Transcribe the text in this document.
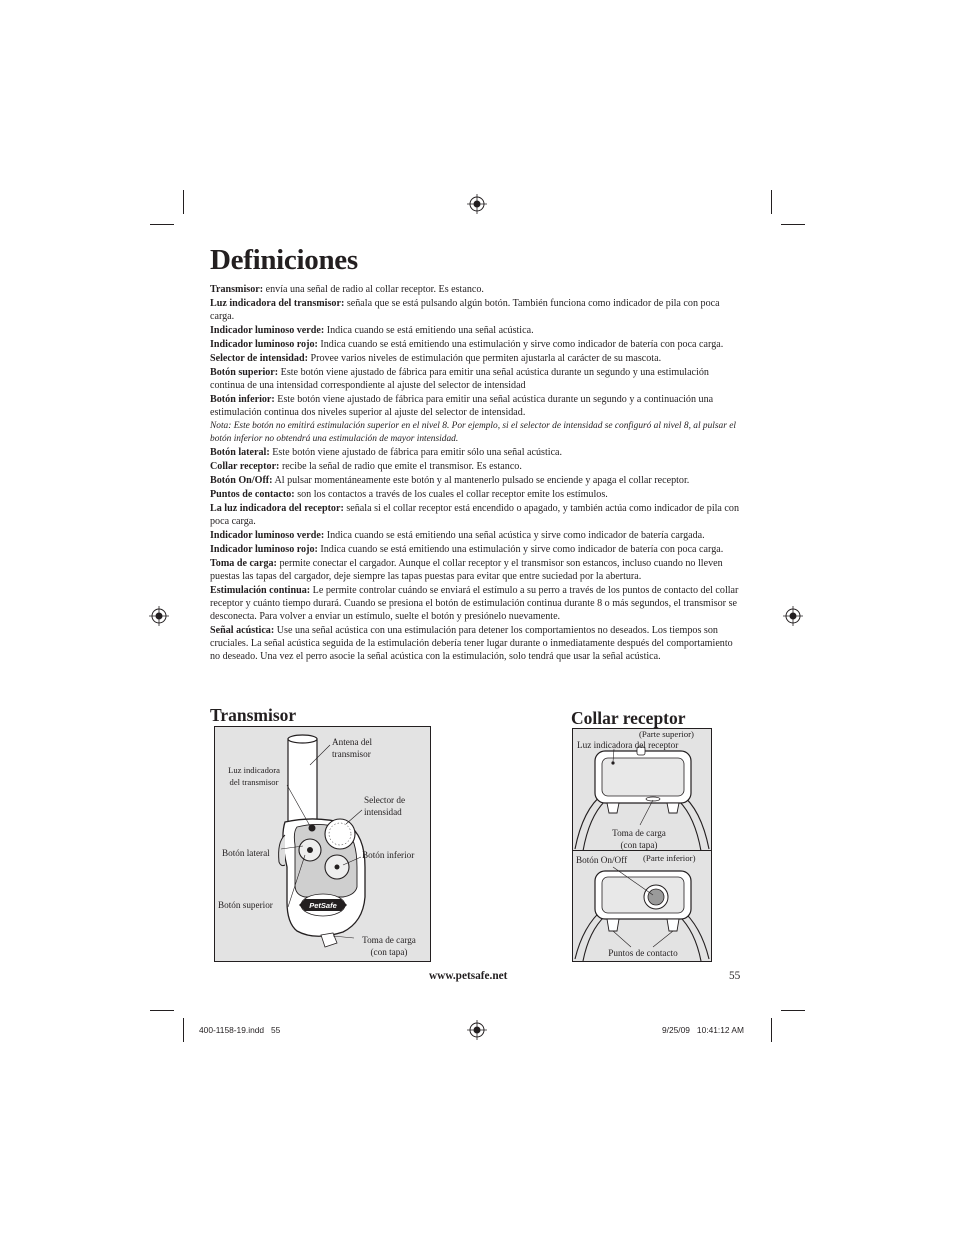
Definiciones

Transmisor: envía una señal de radio al collar receptor. Es estanco.

Luz indicadora del transmisor: señala que se está pulsando algún botón. También funciona como indicador de pila con poca carga.

Indicador luminoso verde: Indica cuando se está emitiendo una señal acústica.

Indicador luminoso rojo: Indica cuando se está emitiendo una estimulación y sirve como indicador de batería con poca carga.

Selector de intensidad: Provee varios niveles de estimulación que permiten ajustarla al carácter de su mascota.

Botón superior: Este botón viene ajustado de fábrica para emitir una señal acústica durante un segundo y una estimulación continua de una intensidad correspondiente al ajuste del selector de intensidad

Botón inferior: Este botón viene ajustado de fábrica para emitir una señal acústica durante un segundo y a continuación una estimulación continua dos niveles superior al ajuste del selector de intensidad.

Nota: Este botón no emitirá estimulación superior en el nivel 8. Por ejemplo, si el selector de intensidad se configuró al nivel 8, al pulsar el botón inferior no obtendrá una estimulación de mayor intensidad.

Botón lateral: Este botón viene ajustado de fábrica para emitir sólo una señal acústica.

Collar receptor: recibe la señal de radio que emite el transmisor. Es estanco.

Botón On/Off: Al pulsar momentáneamente este botón y al mantenerlo pulsado se enciende y apaga el collar receptor.

Puntos de contacto: son los contactos a través de los cuales el collar receptor emite los estímulos.

La luz indicadora del receptor: señala si el collar receptor está encendido o apagado, y también actúa como indicador de pila con poca carga.

Indicador luminoso verde: Indica cuando se está emitiendo una señal acústica y sirve como indicador de batería cargada.

Indicador luminoso rojo: Indica cuando se está emitiendo una estimulación y sirve como indicador de batería con poca carga.

Toma de carga: permite conectar el cargador. Aunque el collar receptor y el transmisor son estancos, incluso cuando no lleven puestas las tapas del cargador, deje siempre las tapas puestas para evitar que entre suciedad por la abertura.

Estimulación continua: Le permite controlar cuándo se enviará el estímulo a su perro a través de los puntos de contacto del collar receptor y cuánto tiempo durará. Cuando se presiona el botón de estimulación continua durante 8 o más segundos, el transmisor se desconecta. Para volver a enviar un estímulo, suelte el botón y presiónelo nuevamente.

Señal acústica: Use una señal acústica con una estimulación para detener los comportamientos no deseados. Los tiempos son cruciales. La señal acústica seguida de la estimulación debería tener lugar durante o inmediatamente después del comportamiento no deseado. Una vez el perro asocie la señal acústica con la estimulación, solo tendrá que usar la señal acústica.

Transmisor	Collar receptor
PetSafe
Antena del
transmisor
Luz indicadora
del transmisor
Selector de
intensidad
Botón lateral	Botón inferior
Botón superior
Toma de carga
(con tapa)
(Parte superior)
Luz indicadora del receptor
Toma de carga
(con tapa)
Botón On/Off (Parte inferior)
Puntos de contacto
www.petsafe.net	55
400-1158-19.indd   55	9/25/09   10:41:12 AM
